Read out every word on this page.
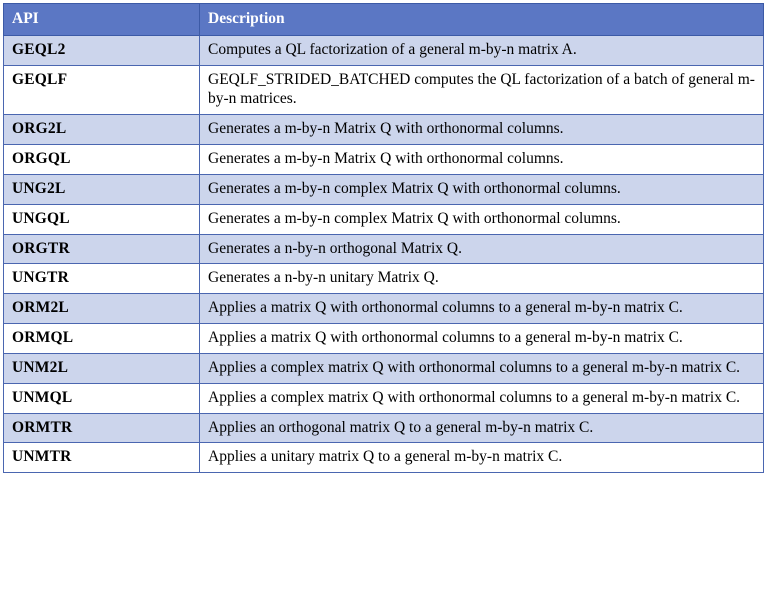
API	Description
GEQL2	Computes a QL factorization of a general m-by-n matrix A.
GEQLF	GEQLF_STRIDED_BATCHED computes the QL factorization of a batch of general m-by-n matrices.
ORG2L	Generates a m-by-n Matrix Q with orthonormal columns.
ORGQL	Generates a m-by-n Matrix Q with orthonormal columns.
UNG2L	Generates a m-by-n complex Matrix Q with orthonormal columns.
UNGQL	Generates a m-by-n complex Matrix Q with orthonormal columns.
ORGTR	Generates a n-by-n orthogonal Matrix Q.
UNGTR	Generates a n-by-n unitary Matrix Q.
ORM2L	Applies a matrix Q with orthonormal columns to a general m-by-n matrix C.
ORMQL	Applies a matrix Q with orthonormal columns to a general m-by-n matrix C.
UNM2L	Applies a complex matrix Q with orthonormal columns to a general m-by-n matrix C.
UNMQL	Applies a complex matrix Q with orthonormal columns to a general m-by-n matrix C.
ORMTR	Applies an orthogonal matrix Q to a general m-by-n matrix C.
UNMTR	Applies a unitary matrix Q to a general m-by-n matrix C.
